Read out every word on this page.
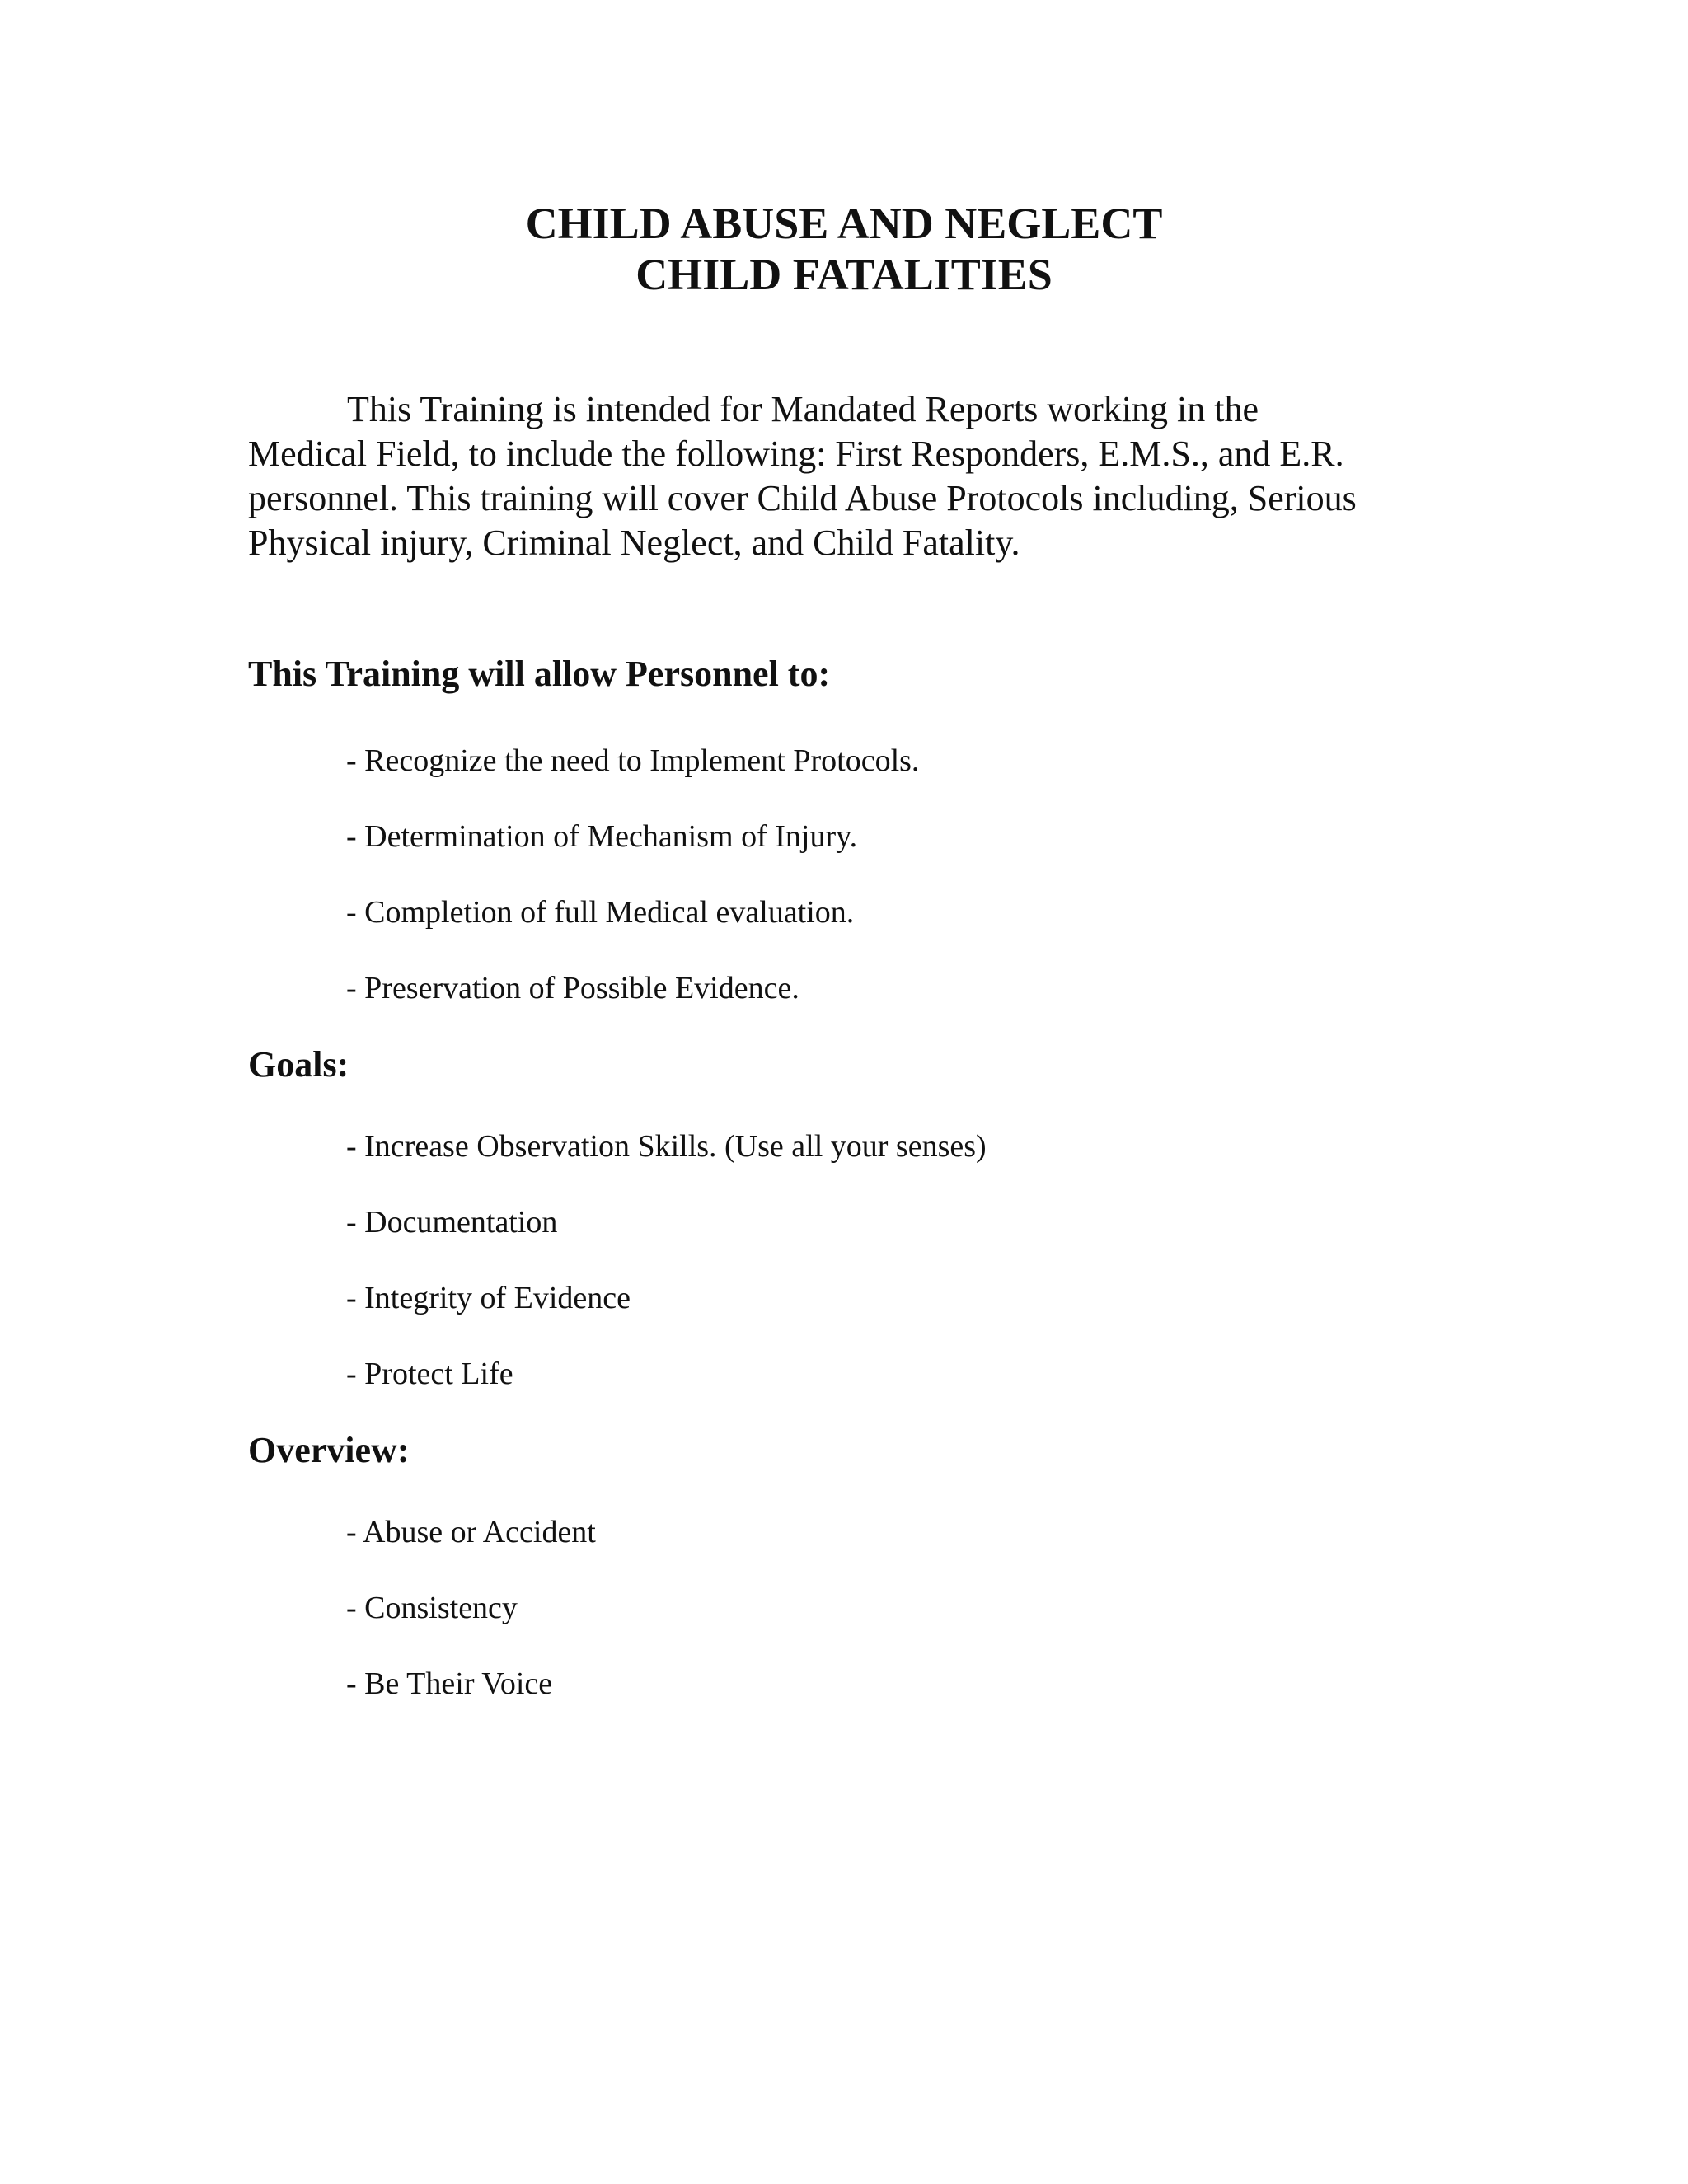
CHILD ABUSE AND NEGLECT
CHILD FATALITIES

This Training is intended for Mandated Reports working in the
Medical Field, to include the following: First Responders, E.M.S., and E.R.
personnel. This training will cover Child Abuse Protocols including, Serious
Physical injury, Criminal Neglect, and Child Fatality.

This Training will allow Personnel to:

- Recognize the need to Implement Protocols.

- Determination of Mechanism of Injury.

- Completion of full Medical evaluation.

- Preservation of Possible Evidence.

Goals:

- Increase Observation Skills. (Use all your senses)

- Documentation

- Integrity of Evidence

- Protect Life

Overview:

- Abuse or Accident

- Consistency

- Be Their Voice
